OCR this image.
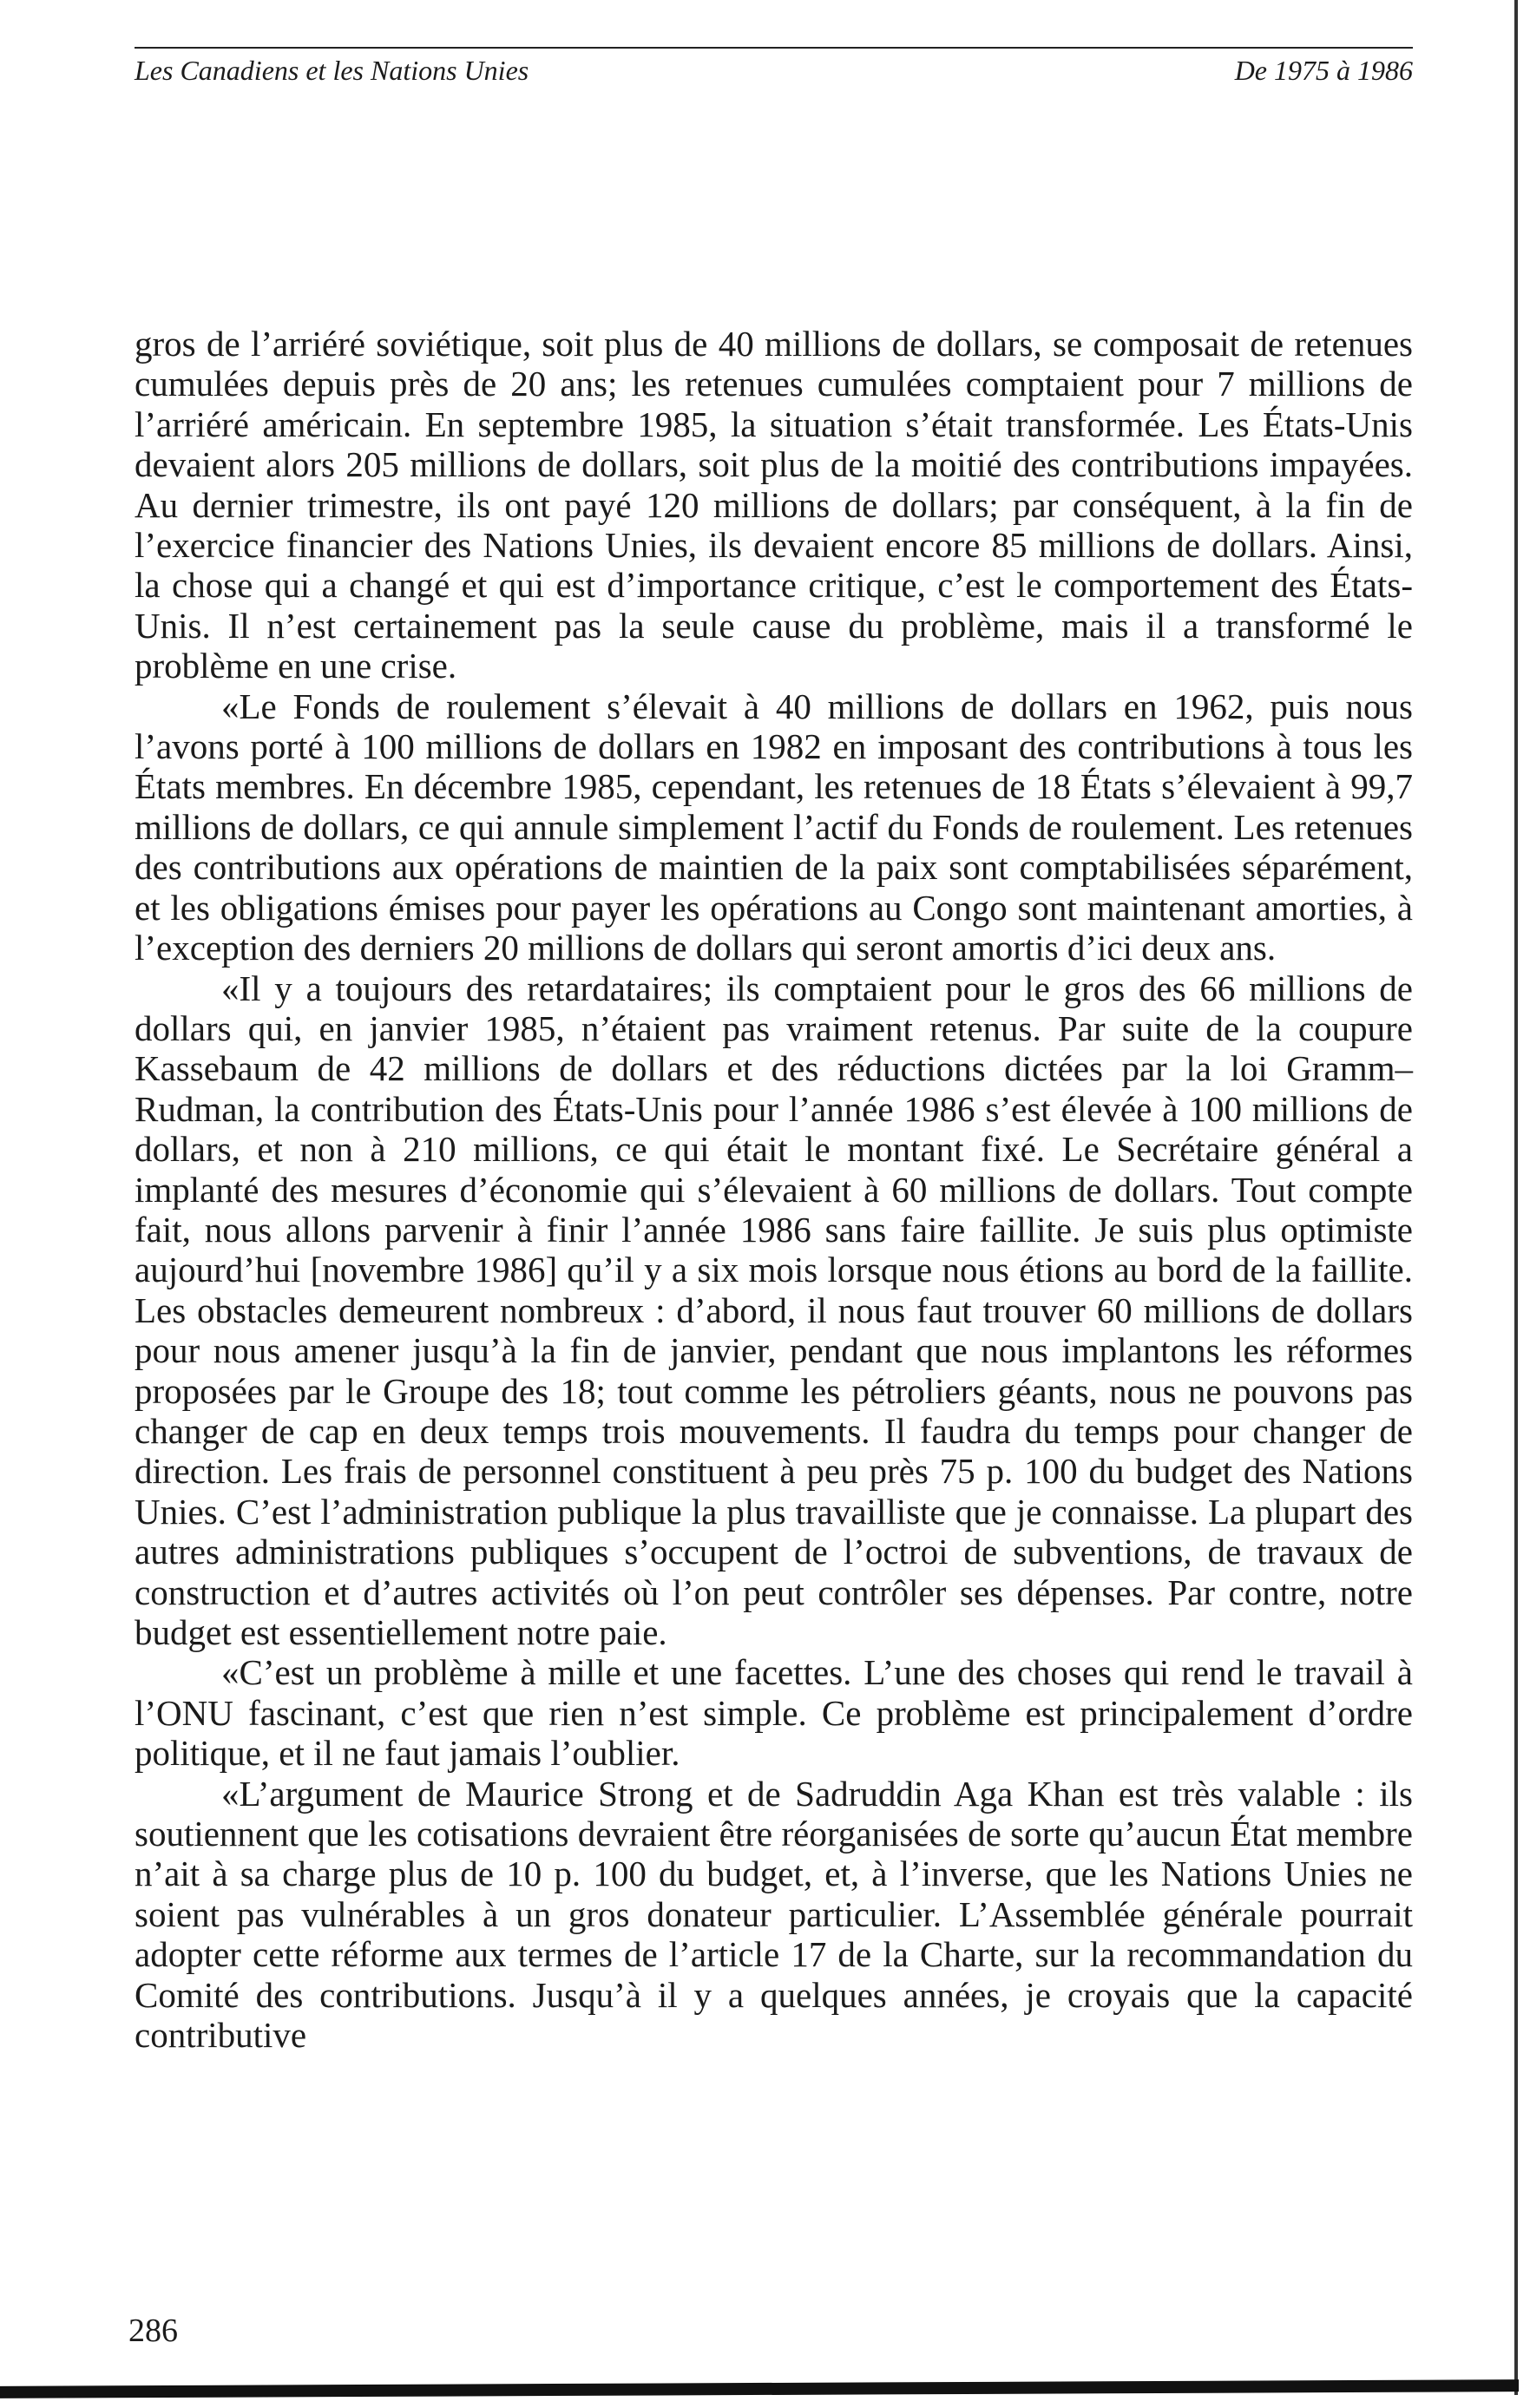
Les Canadiens et les Nations Unies	De 1975 à 1986

gros de l’arriéré soviétique, soit plus de 40 millions de dollars, se composait de retenues cumulées depuis près de 20 ans; les retenues cumulées comptaient pour 7 millions de l’arriéré américain. En septembre 1985, la situation s’était transformée. Les États-Unis devaient alors 205 millions de dollars, soit plus de la moitié des contributions impayées. Au dernier trimestre, ils ont payé 120 millions de dollars; par conséquent, à la fin de l’exercice financier des Nations Unies, ils devaient encore 85 millions de dollars. Ainsi, la chose qui a changé et qui est d’importance critique, c’est le comportement des États-Unis. Il n’est certainement pas la seule cause du problème, mais il a transformé le problème en une crise.

«Le Fonds de roulement s’élevait à 40 millions de dollars en 1962, puis nous l’avons porté à 100 millions de dollars en 1982 en imposant des contributions à tous les États membres. En décembre 1985, cependant, les retenues de 18 États s’élevaient à 99,7 millions de dollars, ce qui annule simplement l’actif du Fonds de roulement. Les retenues des contributions aux opérations de maintien de la paix sont comptabilisées séparément, et les obligations émises pour payer les opérations au Congo sont maintenant amorties, à l’exception des derniers 20 millions de dollars qui seront amortis d’ici deux ans.

«Il y a toujours des retardataires; ils comptaient pour le gros des 66 millions de dollars qui, en janvier 1985, n’étaient pas vraiment retenus. Par suite de la coupure Kassebaum de 42 millions de dollars et des réductions dictées par la loi Gramm–Rudman, la contribution des États-Unis pour l’année 1986 s’est élevée à 100 millions de dollars, et non à 210 millions, ce qui était le montant fixé. Le Secrétaire général a implanté des mesures d’économie qui s’élevaient à 60 millions de dollars. Tout compte fait, nous allons parvenir à finir l’année 1986 sans faire faillite. Je suis plus optimiste aujourd’hui [novembre 1986] qu’il y a six mois lorsque nous étions au bord de la faillite. Les obstacles demeurent nombreux : d’abord, il nous faut trouver 60 millions de dollars pour nous amener jusqu’à la fin de janvier, pendant que nous implantons les réformes proposées par le Groupe des 18; tout comme les pétroliers géants, nous ne pouvons pas changer de cap en deux temps trois mouvements. Il faudra du temps pour changer de direction. Les frais de personnel constituent à peu près 75 p. 100 du budget des Nations Unies. C’est l’administration publique la plus travailliste que je connaisse. La plupart des autres administrations publiques s’occupent de l’octroi de subventions, de travaux de construction et d’autres activités où l’on peut contrôler ses dépenses. Par contre, notre budget est essentiellement notre paie.

«C’est un problème à mille et une facettes. L’une des choses qui rend le travail à l’ONU fascinant, c’est que rien n’est simple. Ce problème est principalement d’ordre politique, et il ne faut jamais l’oublier.

«L’argument de Maurice Strong et de Sadruddin Aga Khan est très valable : ils soutiennent que les cotisations devraient être réorganisées de sorte qu’aucun État membre n’ait à sa charge plus de 10 p. 100 du budget, et, à l’inverse, que les Nations Unies ne soient pas vulnérables à un gros donateur particulier. L’Assemblée générale pourrait adopter cette réforme aux termes de l’article 17 de la Charte, sur la recommandation du Comité des contributions. Jusqu’à il y a quelques années, je croyais que la capacité contributive

286
